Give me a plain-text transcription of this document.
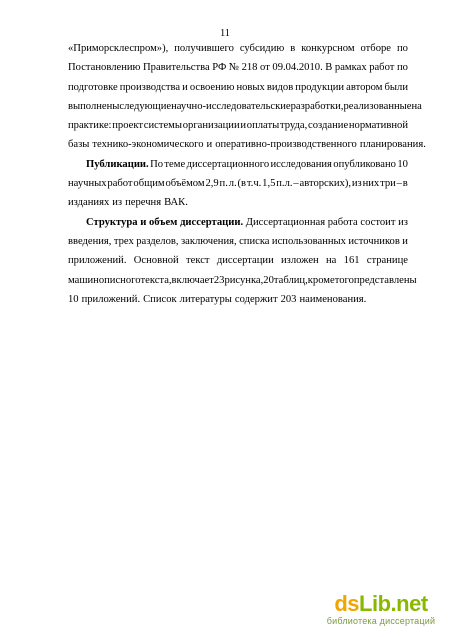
11
«Приморсклеспром»), получившего субсидию в конкурсном отборе по
Постановлению Правительства РФ № 218 от 09.04.2010. В рамках работ по
подготовке производства и освоению новых видов продукции автором были
выполнены следующие научно-исследовательские разработки, реализованные на
практике: проект системы организации и оплаты труда, создание нормативной
базы технико-экономического и оперативно-производственного планирования.
Публикации. По теме диссертационного исследования опубликовано 10
научных работ общим объёмом 2,9 п. л. (в т.ч. 1,5 п.л. – авторских), из них три – в
изданиях из перечня ВАК.
Структура и объем диссертации. Диссертационная работа состоит из
введения, трех разделов, заключения, списка использованных источников и
приложений. Основной текст диссертации изложен на 161 странице
машинописного текста, включает 23 рисунка, 20 таблиц, кроме того представлены
10 приложений. Список литературы содержит 203 наименования.
dsLib.net
библиотека диссертаций
